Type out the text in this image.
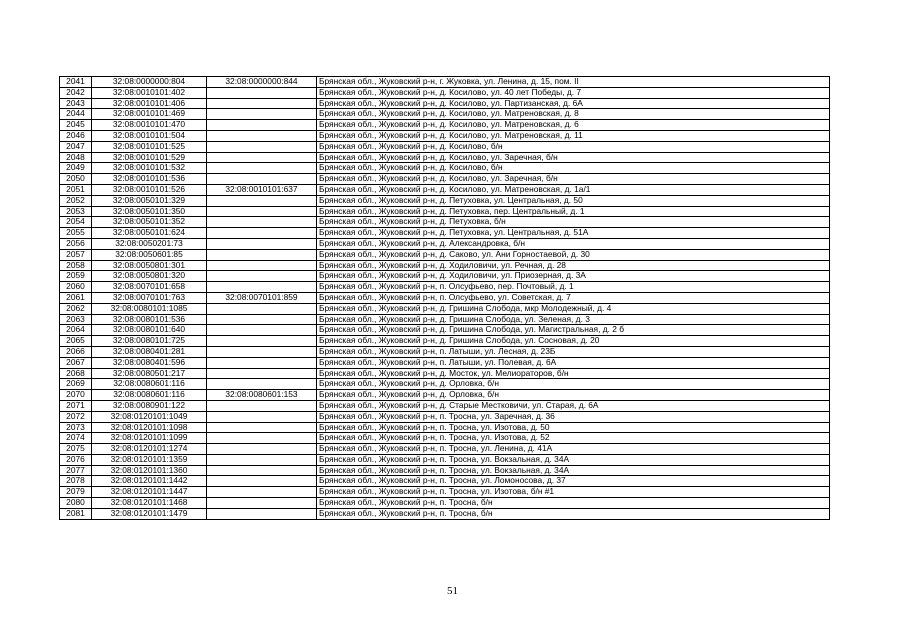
2041	32:08:0000000:804	32:08:0000000:844	Брянская обл., Жуковский р-н, г. Жуковка, ул. Ленина, д. 15, пом. II
2042	32:08:0010101:402		Брянская обл., Жуковский р-н, д. Косилово, ул. 40 лет Победы, д. 7
2043	32:08:0010101:406		Брянская обл., Жуковский р-н, д. Косилово, ул. Партизанская, д. 6А
2044	32:08:0010101:469		Брянская обл., Жуковский р-н, д. Косилово, ул. Матреновская, д. 8
2045	32:08:0010101:470		Брянская обл., Жуковский р-н, д. Косилово, ул. Матреновская, д. 6
2046	32:08:0010101:504		Брянская обл., Жуковский р-н, д. Косилово, ул. Матреновская, д. 11
2047	32:08:0010101:525		Брянская обл., Жуковский р-н, д. Косилово, б/н
2048	32:08:0010101:529		Брянская обл., Жуковский р-н, д. Косилово, ул. Заречная, б/н
2049	32:08:0010101:532		Брянская обл., Жуковский р-н, д. Косилово, б/н
2050	32:08:0010101:536		Брянская обл., Жуковский р-н, д. Косилово, ул. Заречная, б/н
2051	32:08:0010101:526	32:08:0010101:637	Брянская обл., Жуковский р-н, д. Косилово, ул. Матреновская, д. 1а/1
2052	32:08:0050101:329		Брянская обл., Жуковский р-н, д. Петуховка, ул. Центральная, д. 50
2053	32:08:0050101:350		Брянская обл., Жуковский р-н, д. Петуховка, пер. Центральный, д. 1
2054	32:08:0050101:352		Брянская обл., Жуковский р-н, д. Петуховка, б/н
2055	32:08:0050101:624		Брянская обл., Жуковский р-н, д. Петуховка, ул. Центральная, д. 51А
2056	32:08:0050201:73		Брянская обл., Жуковский р-н, д. Александровка, б/н
2057	32:08:0050601:85		Брянская обл., Жуковский р-н, д. Саково, ул. Ани Горностаевой, д. 30
2058	32:08:0050801:301		Брянская обл., Жуковский р-н, д. Ходиловичи, ул. Речная, д. 28
2059	32:08:0050801:320		Брянская обл., Жуковский р-н, д. Ходиловичи, ул. Приозерная, д. 3А
2060	32:08:0070101:658		Брянская обл., Жуковский р-н, п. Олсуфьево, пер. Почтовый, д. 1
2061	32:08:0070101:763	32:08:0070101:859	Брянская обл., Жуковский р-н, п. Олсуфьево, ул. Советская, д. 7
2062	32:08:0080101:1085		Брянская обл., Жуковский р-н, д. Гришина Слобода, мкр Молодежный, д. 4
2063	32:08:0080101:536		Брянская обл., Жуковский р-н, д. Гришина Слобода, ул. Зеленая, д. 3
2064	32:08:0080101:640		Брянская обл., Жуковский р-н, д. Гришина Слобода, ул. Магистральная, д. 2 б
2065	32:08:0080101:725		Брянская обл., Жуковский р-н, д. Гришина Слобода, ул. Сосновая, д. 20
2066	32:08:0080401:281		Брянская обл., Жуковский р-н, п. Латыши, ул. Лесная, д. 23Б
2067	32:08:0080401:596		Брянская обл., Жуковский р-н, п. Латыши, ул. Полевая, д. 6А
2068	32:08:0080501:217		Брянская обл., Жуковский р-н, д. Мосток, ул. Мелиораторов, б/н
2069	32:08:0080601:116		Брянская обл., Жуковский р-н, д. Орловка, б/н
2070	32:08:0080601:116	32:08:0080601:153	Брянская обл., Жуковский р-н, д. Орловка, б/н
2071	32:08:0080901:122		Брянская обл., Жуковский р-н, д. Старые Местковичи, ул. Старая, д. 6А
2072	32:08:0120101:1049		Брянская обл., Жуковский р-н, п. Тросна, ул. Заречная, д. 36
2073	32:08:0120101:1098		Брянская обл., Жуковский р-н, п. Тросна, ул. Изотова, д. 50
2074	32:08:0120101:1099		Брянская обл., Жуковский р-н, п. Тросна, ул. Изотова, д. 52
2075	32:08:0120101:1274		Брянская обл., Жуковский р-н, п. Тросна, ул. Ленина, д. 41А
2076	32:08:0120101:1359		Брянская обл., Жуковский р-н, п. Тросна, ул. Вокзальная, д. 34А
2077	32:08:0120101:1360		Брянская обл., Жуковский р-н, п. Тросна, ул. Вокзальная, д. 34А
2078	32:08:0120101:1442		Брянская обл., Жуковский р-н, п. Тросна, ул. Ломоносова, д. 37
2079	32:08:0120101:1447		Брянская обл., Жуковский р-н, п. Тросна, ул. Изотова, б/н #1
2080	32:08:0120101:1468		Брянская обл., Жуковский р-н, п. Тросна, б/н
2081	32:08:0120101:1479		Брянская обл., Жуковский р-н, п. Тросна, б/н
51
